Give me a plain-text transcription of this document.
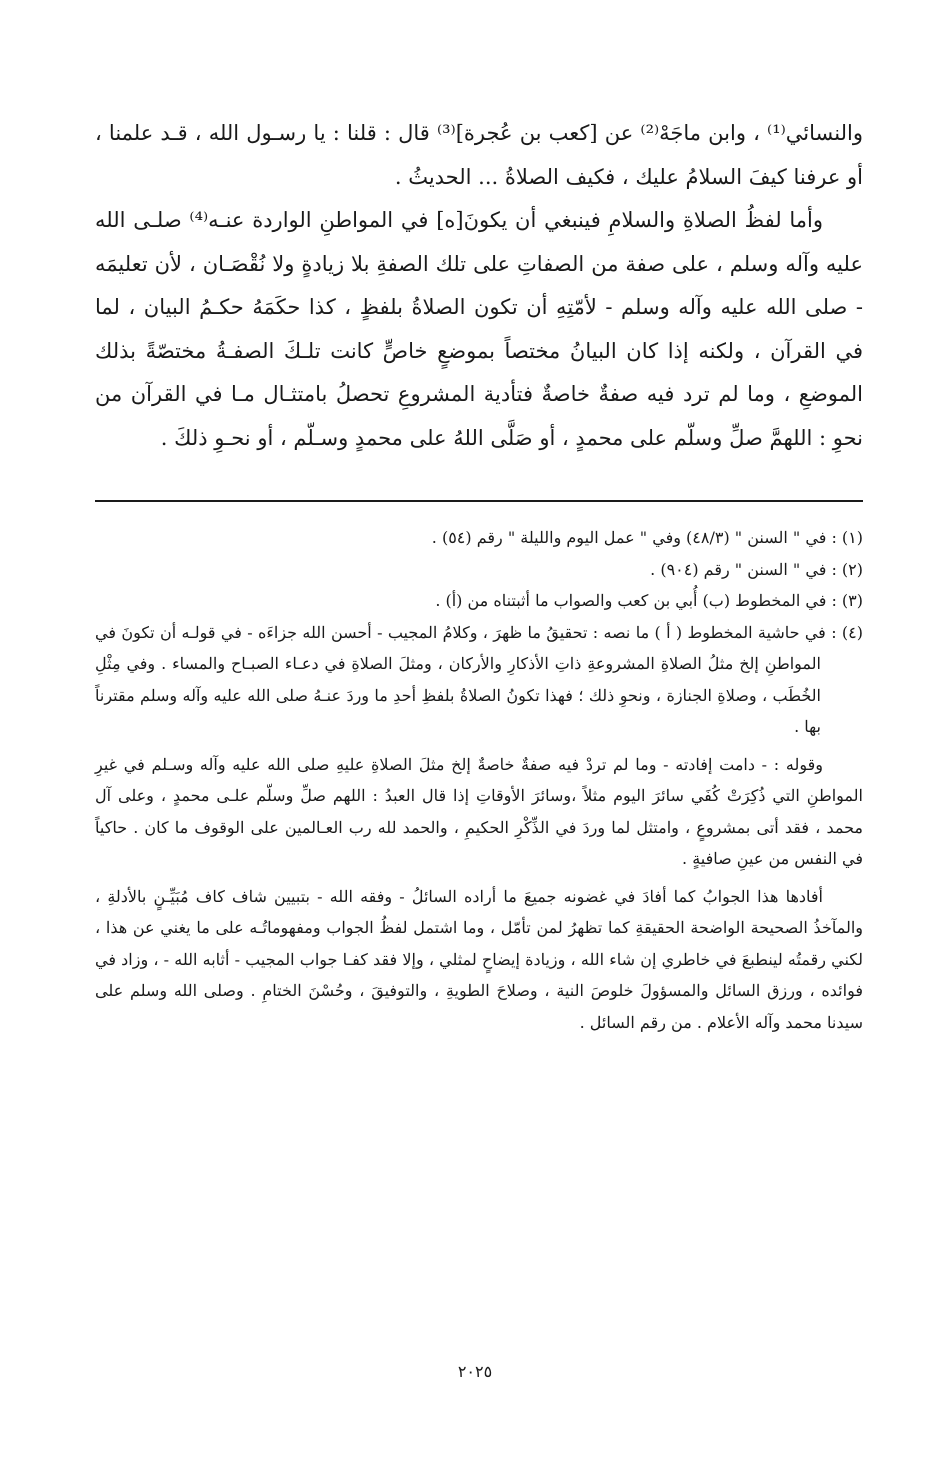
والنسائي⁽¹⁾ ، وابن ماجَهْ⁽²⁾ عن [كعب بن عُجرة]⁽³⁾ قال : قلنا : يا رسـول الله ، قـد علمنا ، أو عرفنا كيفَ السلامُ عليك ، فكيف الصلاةُ ... الحديثُ .

وأما لفظُ الصلاةِ والسلامِ فينبغي أن يكونَ[ه] في المواطنِ الواردة عنـه⁽⁴⁾ صلـى الله عليه وآله وسلم ، على صفة من الصفاتِ على تلك الصفةِ بلا زيادةٍ ولا نُقْصَـان ، لأن تعليمَه - صلى الله عليه وآله وسلم - لأمّتِهِ أن تكون الصلاةُ بلفظٍ ، كذا حكَمَهُ حكـمُ البيان ، لما في القرآن ، ولكنه إذا كان البيانُ مختصاً بموضعٍ خاصٍّ كانت تلـكَ الصفـةُ مختصّةً بذلك الموضعِ ، وما لم ترد فيه صفةٌ خاصةٌ فتأدية المشروعِ تحصلُ بامتثـال مـا في القرآن من نحوِ : اللهمَّ صلِّ وسلّم على محمدٍ ، أو صَلَّى اللهُ على محمدٍ وسـلّم ، أو نحـوِ ذلكَ .

(١) : في " السنن " (٤٨/٣) وفي " عمل اليوم والليلة " رقم (٥٤) .

(٢) : في " السنن " رقم (٩٠٤) .

(٣) : في المخطوط (ب) أُبي بن كعب والصواب ما أثبتناه من (أ) .

(٤) : في حاشية المخطوط ( أ ) ما نصه : تحقيقُ ما ظهرَ ، وكلامُ المجيب - أحسن الله جزاءَه - في قولـه أن تكونَ في المواطنِ إلخ مثلُ الصلاةِ المشروعةِ ذاتِ الأذكارِ والأركان ، ومثلَ الصلاةِ في دعـاء الصبـاح والمساء . وفي مِثْلِ الخُطَب ، وصلاةِ الجنازة ، ونحوِ ذلك ؛ فهذا تكونُ الصلاةُ بلفظِ أحدِ ما وردَ عنـهُ صلى الله عليه وآله وسلم مقترناً بها .

وقوله : - دامت إفادته - وما لم تردْ فيه صفةٌ خاصةٌ إلخ مثلَ الصلاةِ عليهِ صلى الله عليه وآله وسـلم في غيرِ المواطنِ التي ذُكِرَتْ كُفَي سائرَ اليوم مثلاً ،وسائرَ الأوقاتِ إذا قال العبدُ : اللهم صلِّ وسلّم علـى محمدٍ ، وعلى آل محمد ، فقد أتى بمشروعٍ ، وامتثل لما وردَ في الذِّكْرِ الحكيمِ ، والحمد لله رب العـالمين على الوقوف ما كان . حاكياً في النفس من عينِ صافيةٍ .

أفادها هذا الجوابُ كما أفادَ في غضونه جميعَ ما أراده السائلُ - وفقه الله - بتبيين شاف كاف مُبَيِّـنٍ بالأدلةِ ، والمآخذُ الصحيحة الواضحة الحقيقةِ كما تظهرُ لمن تأمّل ، وما اشتمل لفظُ الجواب ومفهوماتُـه على ما يغني عن هذا ، لكني رقمتُه لينطبعَ في خاطري إن شاء الله ، وزيادة إيضاحٍ لمثلي ، وإلا فقد كفـا جواب المجيب - أثابه الله - ، وزاد في فوائده ، ورزق السائل والمسؤولَ خلوصَ النية ، وصلاحَ الطويةِ ، والتوفيقَ ، وحُسْنَ الختامِ . وصلى الله وسلم على سيدنا محمد وآله الأعلام . من رقم السائل .

٢٠٢٥
